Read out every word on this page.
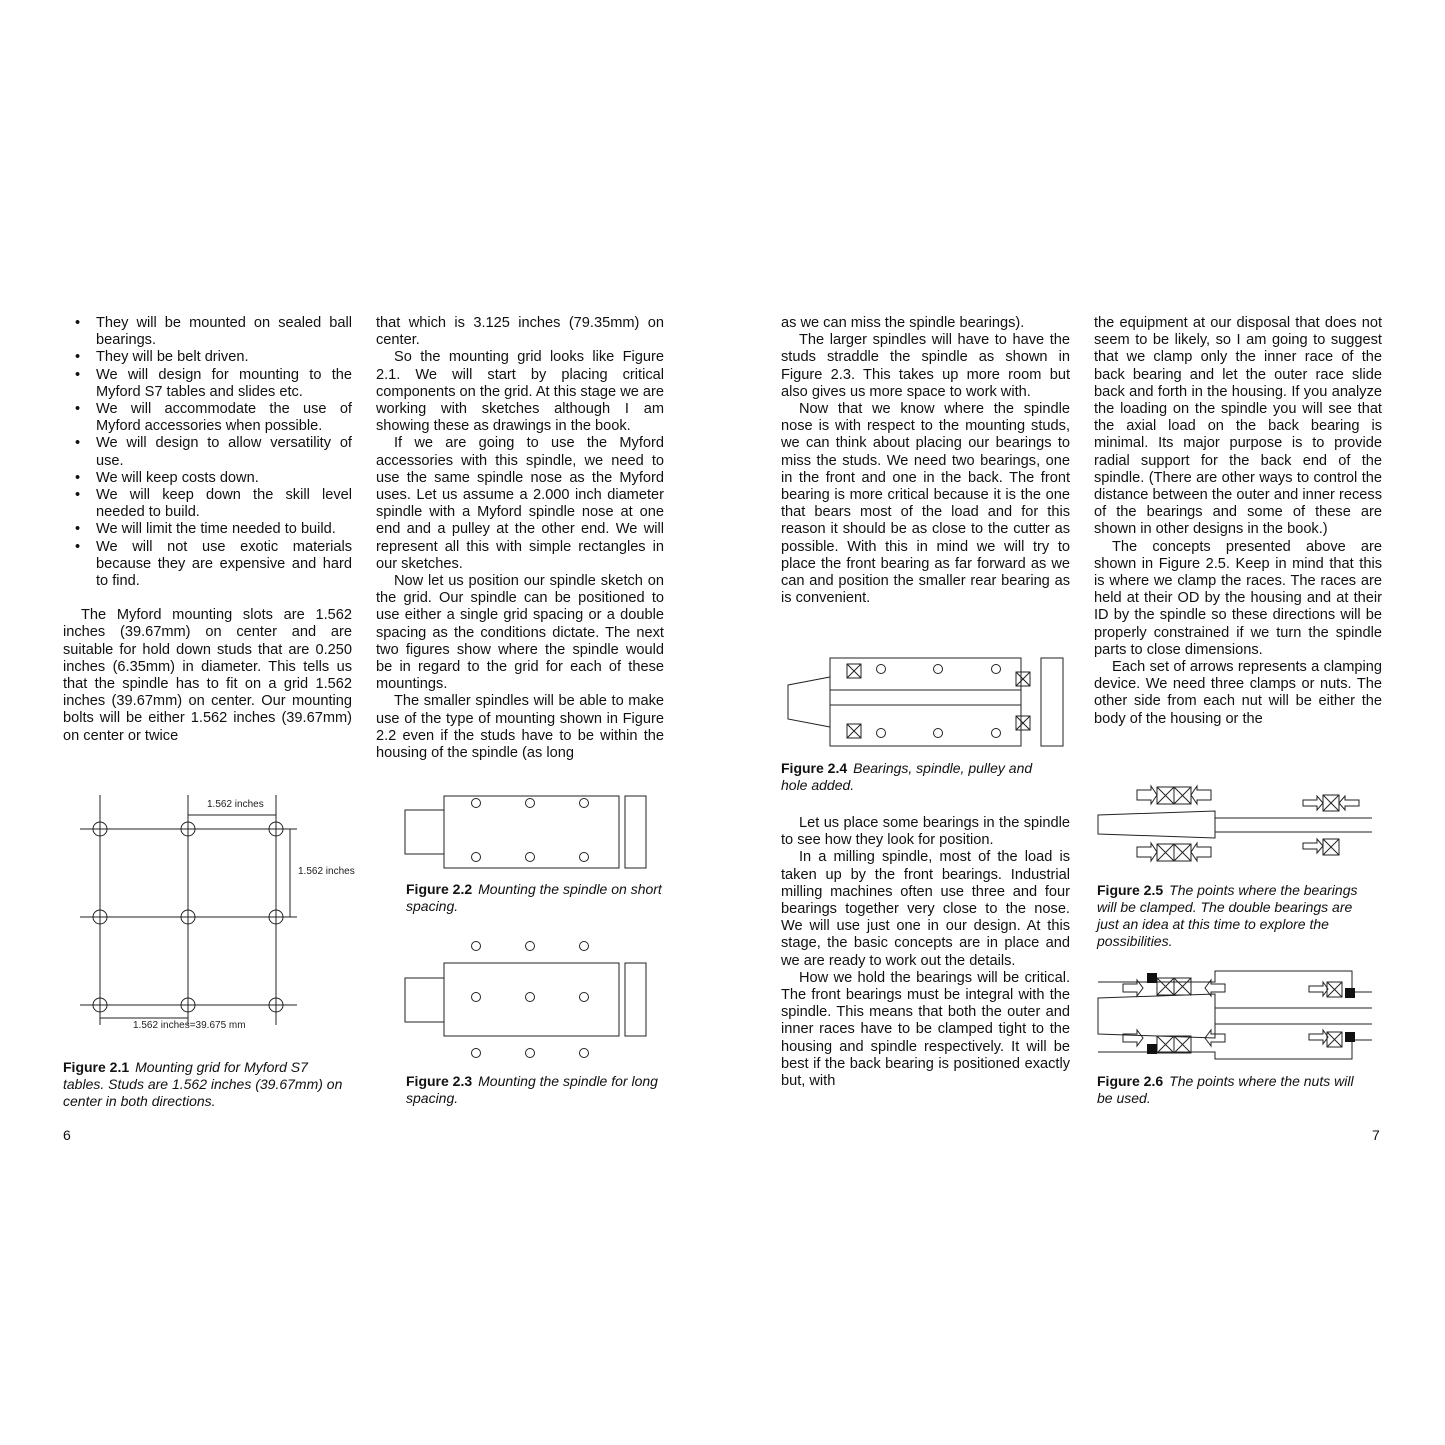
• They will be mounted on sealed ball bearings.
• They will be belt driven.
• We will design for mounting to the Myford S7 tables and slides etc.
• We will accommodate the use of Myford accessories when possible.
• We will design to allow versatility of use.
• We will keep costs down.
• We will keep down the skill level needed to build.
• We will limit the time needed to build.
• We will not use exotic materials because they are expensive and hard to find.

The Myford mounting slots are 1.562 inches (39.67mm) on center and are suitable for hold down studs that are 0.250 inches (6.35mm) in diameter. This tells us that the spindle has to fit on a grid 1.562 inches (39.67mm) on center. Our mounting bolts will be either 1.562 inches (39.67mm) on center or twice

that which is 3.125 inches (79.35mm) on center.

So the mounting grid looks like Figure 2.1. We will start by placing critical components on the grid. At this stage we are working with sketches although I am showing these as drawings in the book.

If we are going to use the Myford accessories with this spindle, we need to use the same spindle nose as the Myford uses. Let us assume a 2.000 inch diameter spindle with a Myford spindle nose at one end and a pulley at the other end. We will represent all this with simple rectangles in our sketches.

Now let us position our spindle sketch on the grid. Our spindle can be positioned to use either a single grid spacing or a double spacing as the conditions dictate. The next two figures show where the spindle would be in regard to the grid for each of these mountings.

The smaller spindles will be able to make use of the type of mounting shown in Figure 2.2 even if the studs have to be within the housing of the spindle (as long

1.562 inches
1.562 inches
1.562 inches=39.675 mm
Figure 2.1 Mounting grid for Myford S7 tables. Studs are 1.562 inches (39.67mm) on center in both directions.
Figure 2.2 Mounting the spindle on short spacing.
Figure 2.3 Mounting the spindle for long spacing.
6

as we can miss the spindle bearings).

The larger spindles will have to have the studs straddle the spindle as shown in Figure 2.3. This takes up more room but also gives us more space to work with.

Now that we know where the spindle nose is with respect to the mounting studs, we can think about placing our bearings to miss the studs. We need two bearings, one in the front and one in the back. The front bearing is more critical because it is the one that bears most of the load and for this reason it should be as close to the cutter as possible. With this in mind we will try to place the front bearing as far forward as we can and position the smaller rear bearing as is convenient.

Figure 2.4 Bearings, spindle, pulley and hole added.

Let us place some bearings in the spindle to see how they look for position.

In a milling spindle, most of the load is taken up by the front bearings. Industrial milling machines often use three and four bearings together very close to the nose. We will use just one in our design. At this stage, the basic concepts are in place and we are ready to work out the details.

How we hold the bearings will be critical. The front bearings must be integral with the spindle. This means that both the outer and inner races have to be clamped tight to the housing and spindle respectively. It will be best if the back bearing is positioned exactly but, with

the equipment at our disposal that does not seem to be likely, so I am going to suggest that we clamp only the inner race of the back bearing and let the outer race slide back and forth in the housing. If you analyze the loading on the spindle you will see that the axial load on the back bearing is minimal. Its major purpose is to provide radial support for the back end of the spindle. (There are other ways to control the distance between the outer and inner recess of the bearings and some of these are shown in other designs in the book.)

The concepts presented above are shown in Figure 2.5. Keep in mind that this is where we clamp the races. The races are held at their OD by the housing and at their ID by the spindle so these directions will be properly constrained if we turn the spindle parts to close dimensions.

Each set of arrows represents a clamping device. We need three clamps or nuts. The other side from each nut will be either the body of the housing or the

Figure 2.5 The points where the bearings will be clamped. The double bearings are just an idea at this time to explore the possibilities.
Figure 2.6 The points where the nuts will be used.
7
